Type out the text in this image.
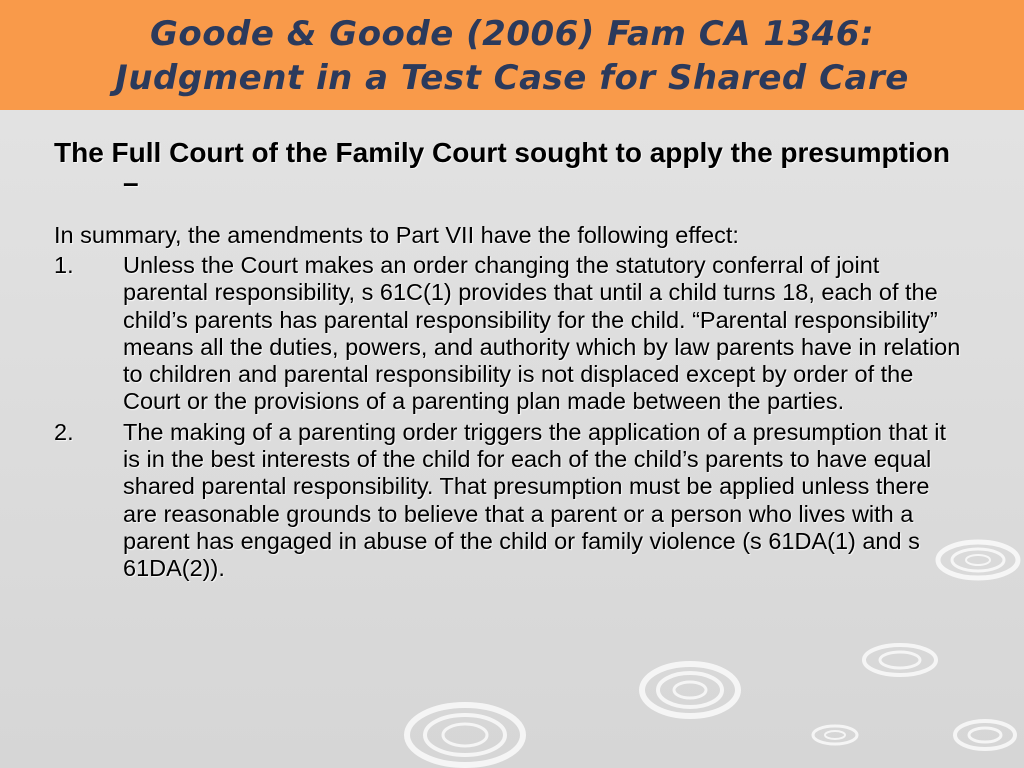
Goode & Goode (2006) Fam CA 1346:
Judgment in a Test Case for Shared Care

The Full Court of the Family Court sought to apply the presumption –

In summary, the amendments to Part VII have the following effect:

1.	Unless the Court makes an order changing the statutory conferral of joint parental responsibility, s 61C(1) provides that until a child turns 18, each of the child’s parents has parental responsibility for the child. “Parental responsibility” means all the duties, powers, and authority which by law parents have in relation to children and parental responsibility is not displaced except by order of the Court or the provisions of a parenting plan made between the parties.
2.	The making of a parenting order triggers the application of a presumption that it is in the best interests of the child for each of the child’s parents to have equal shared parental responsibility. That presumption must be applied unless there are reasonable grounds to believe that a parent or a person who lives with a parent has engaged in abuse of the child or family violence (s 61DA(1) and s 61DA(2)).
